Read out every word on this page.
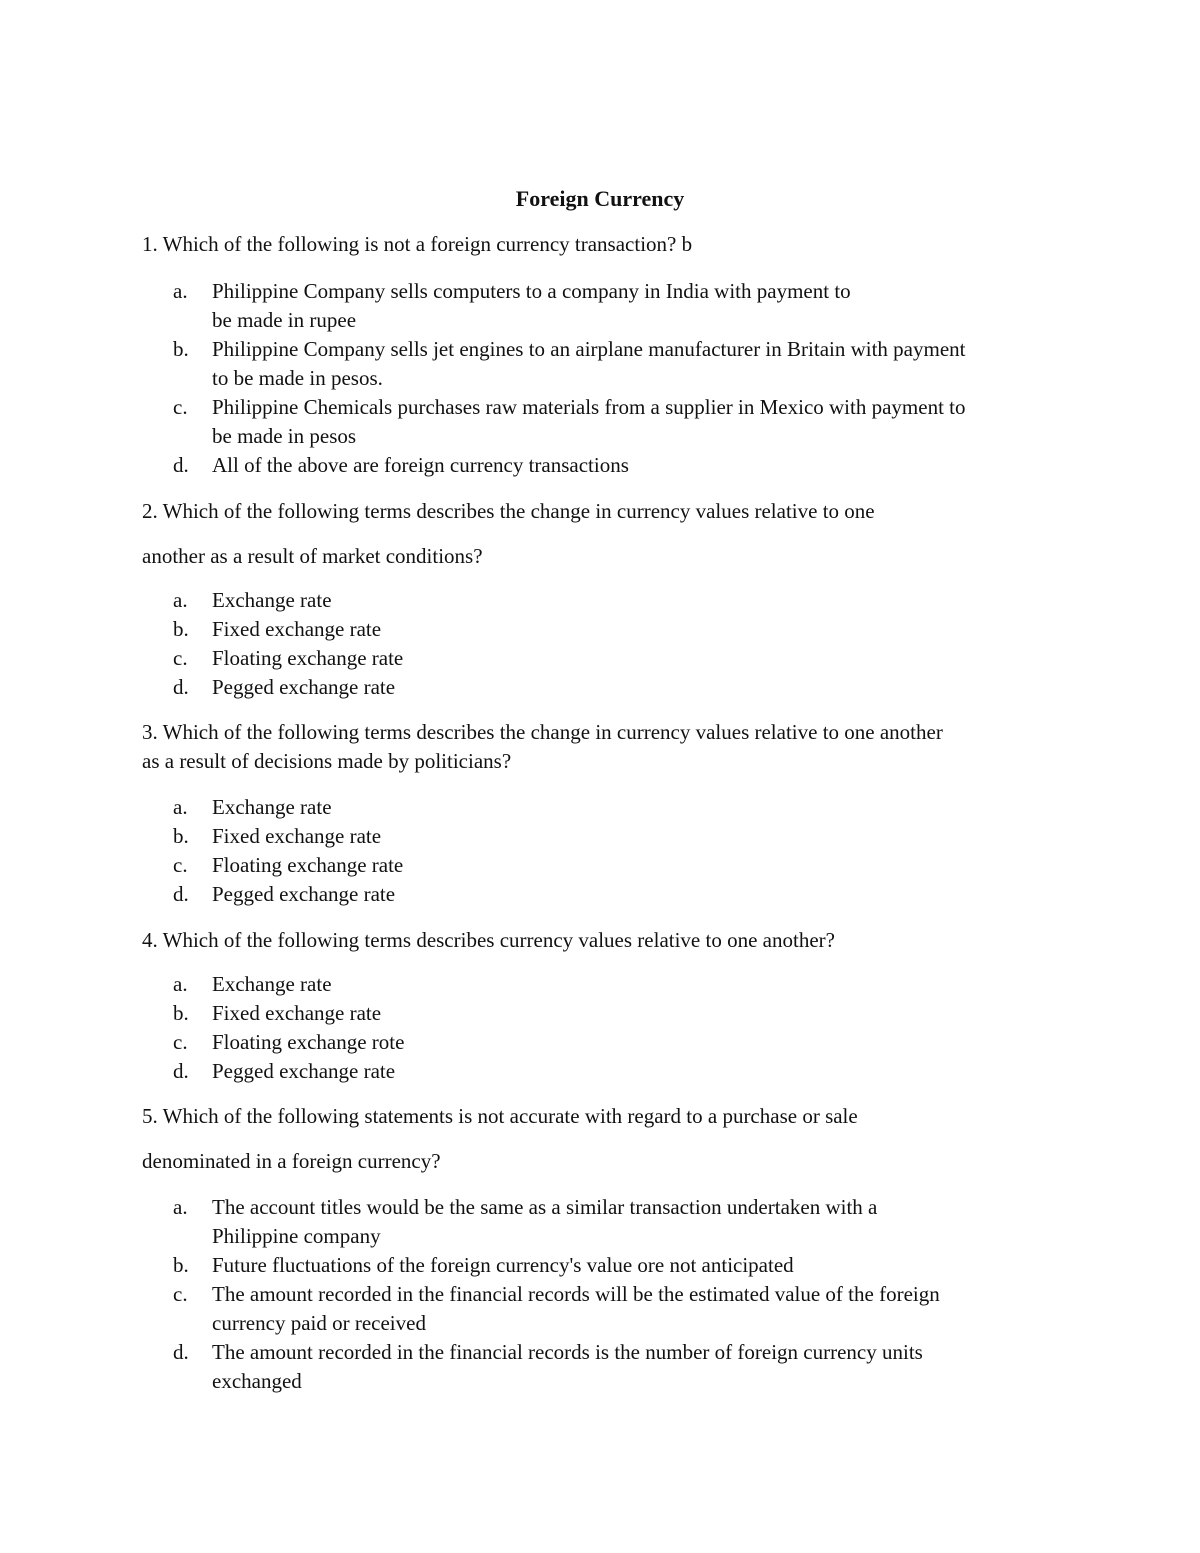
Foreign Currency
1. Which of the following is not a foreign currency transaction? b
a.	Philippine Company sells computers to a company in India with payment to
be made in rupee
b.	Philippine Company sells jet engines to an airplane manufacturer in Britain with payment
to be made in pesos.
c.	Philippine Chemicals purchases raw materials from a supplier in Mexico with payment to
be made in pesos
d.	All of the above are foreign currency transactions
2. Which of the following terms describes the change in currency values relative to one
another as a result of market conditions?
a.	Exchange rate
b.	Fixed exchange rate
c.	Floating exchange rate
d.	Pegged exchange rate
3. Which of the following terms describes the change in currency values relative to one another
as a result of decisions made by politicians?
a.	Exchange rate
b.	Fixed exchange rate
c.	Floating exchange rate
d.	Pegged exchange rate
4. Which of the following terms describes currency values relative to one another?
a.	Exchange rate
b.	Fixed exchange rate
c.	Floating exchange rote
d.	Pegged exchange rate
5. Which of the following statements is not accurate with regard to a purchase or sale
denominated in a foreign currency?
a.	The account titles would be the same as a similar transaction undertaken with a
Philippine company
b.	Future fluctuations of the foreign currency's value ore not anticipated
c.	The amount recorded in the financial records will be the estimated value of the foreign
currency paid or received
d.	The amount recorded in the financial records is the number of foreign currency units
exchanged
